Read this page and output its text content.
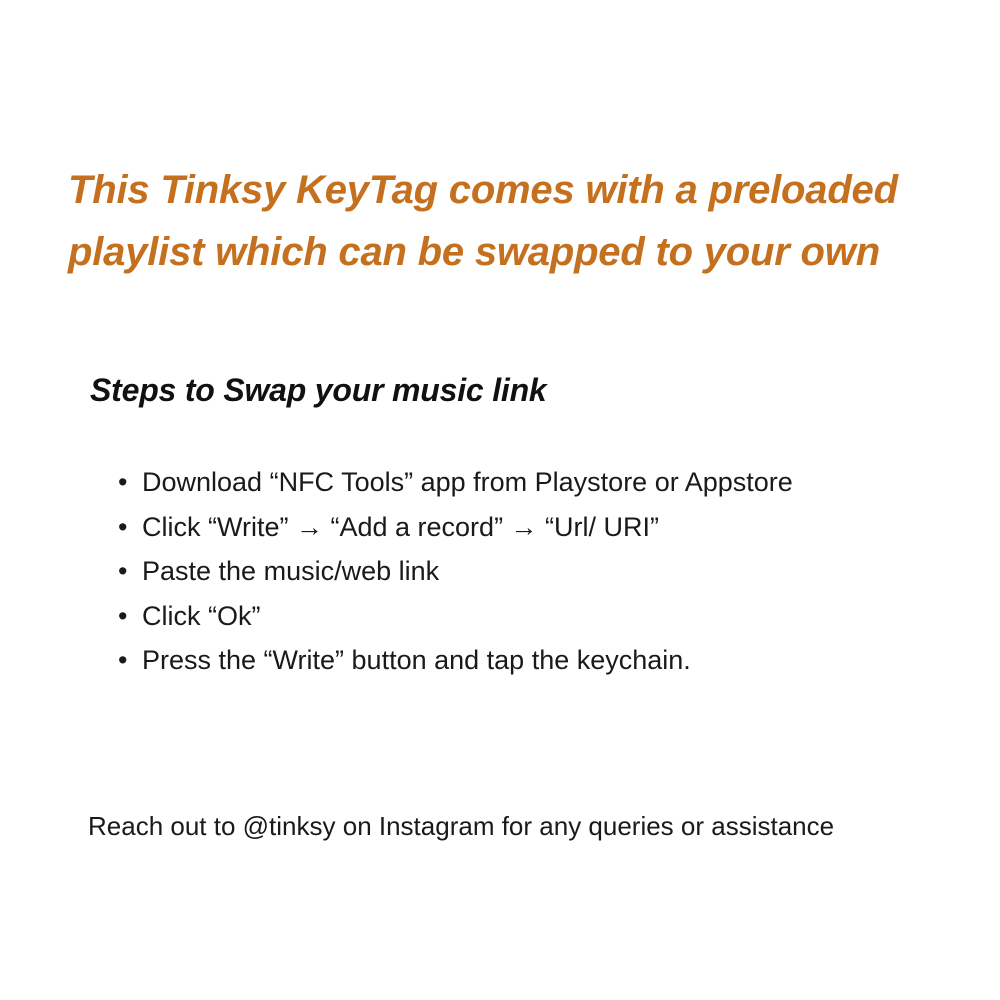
This Tinksy KeyTag comes with a preloaded playlist which can be swapped to your own
Steps to Swap your music link
• Download “NFC Tools” app from Playstore or Appstore
• Click “Write” → “Add a record” → “Url/ URI”
• Paste the music/web link
• Click “Ok”
• Press the “Write” button and tap the keychain.

Reach out to @tinksy on Instagram for any queries or assistance
